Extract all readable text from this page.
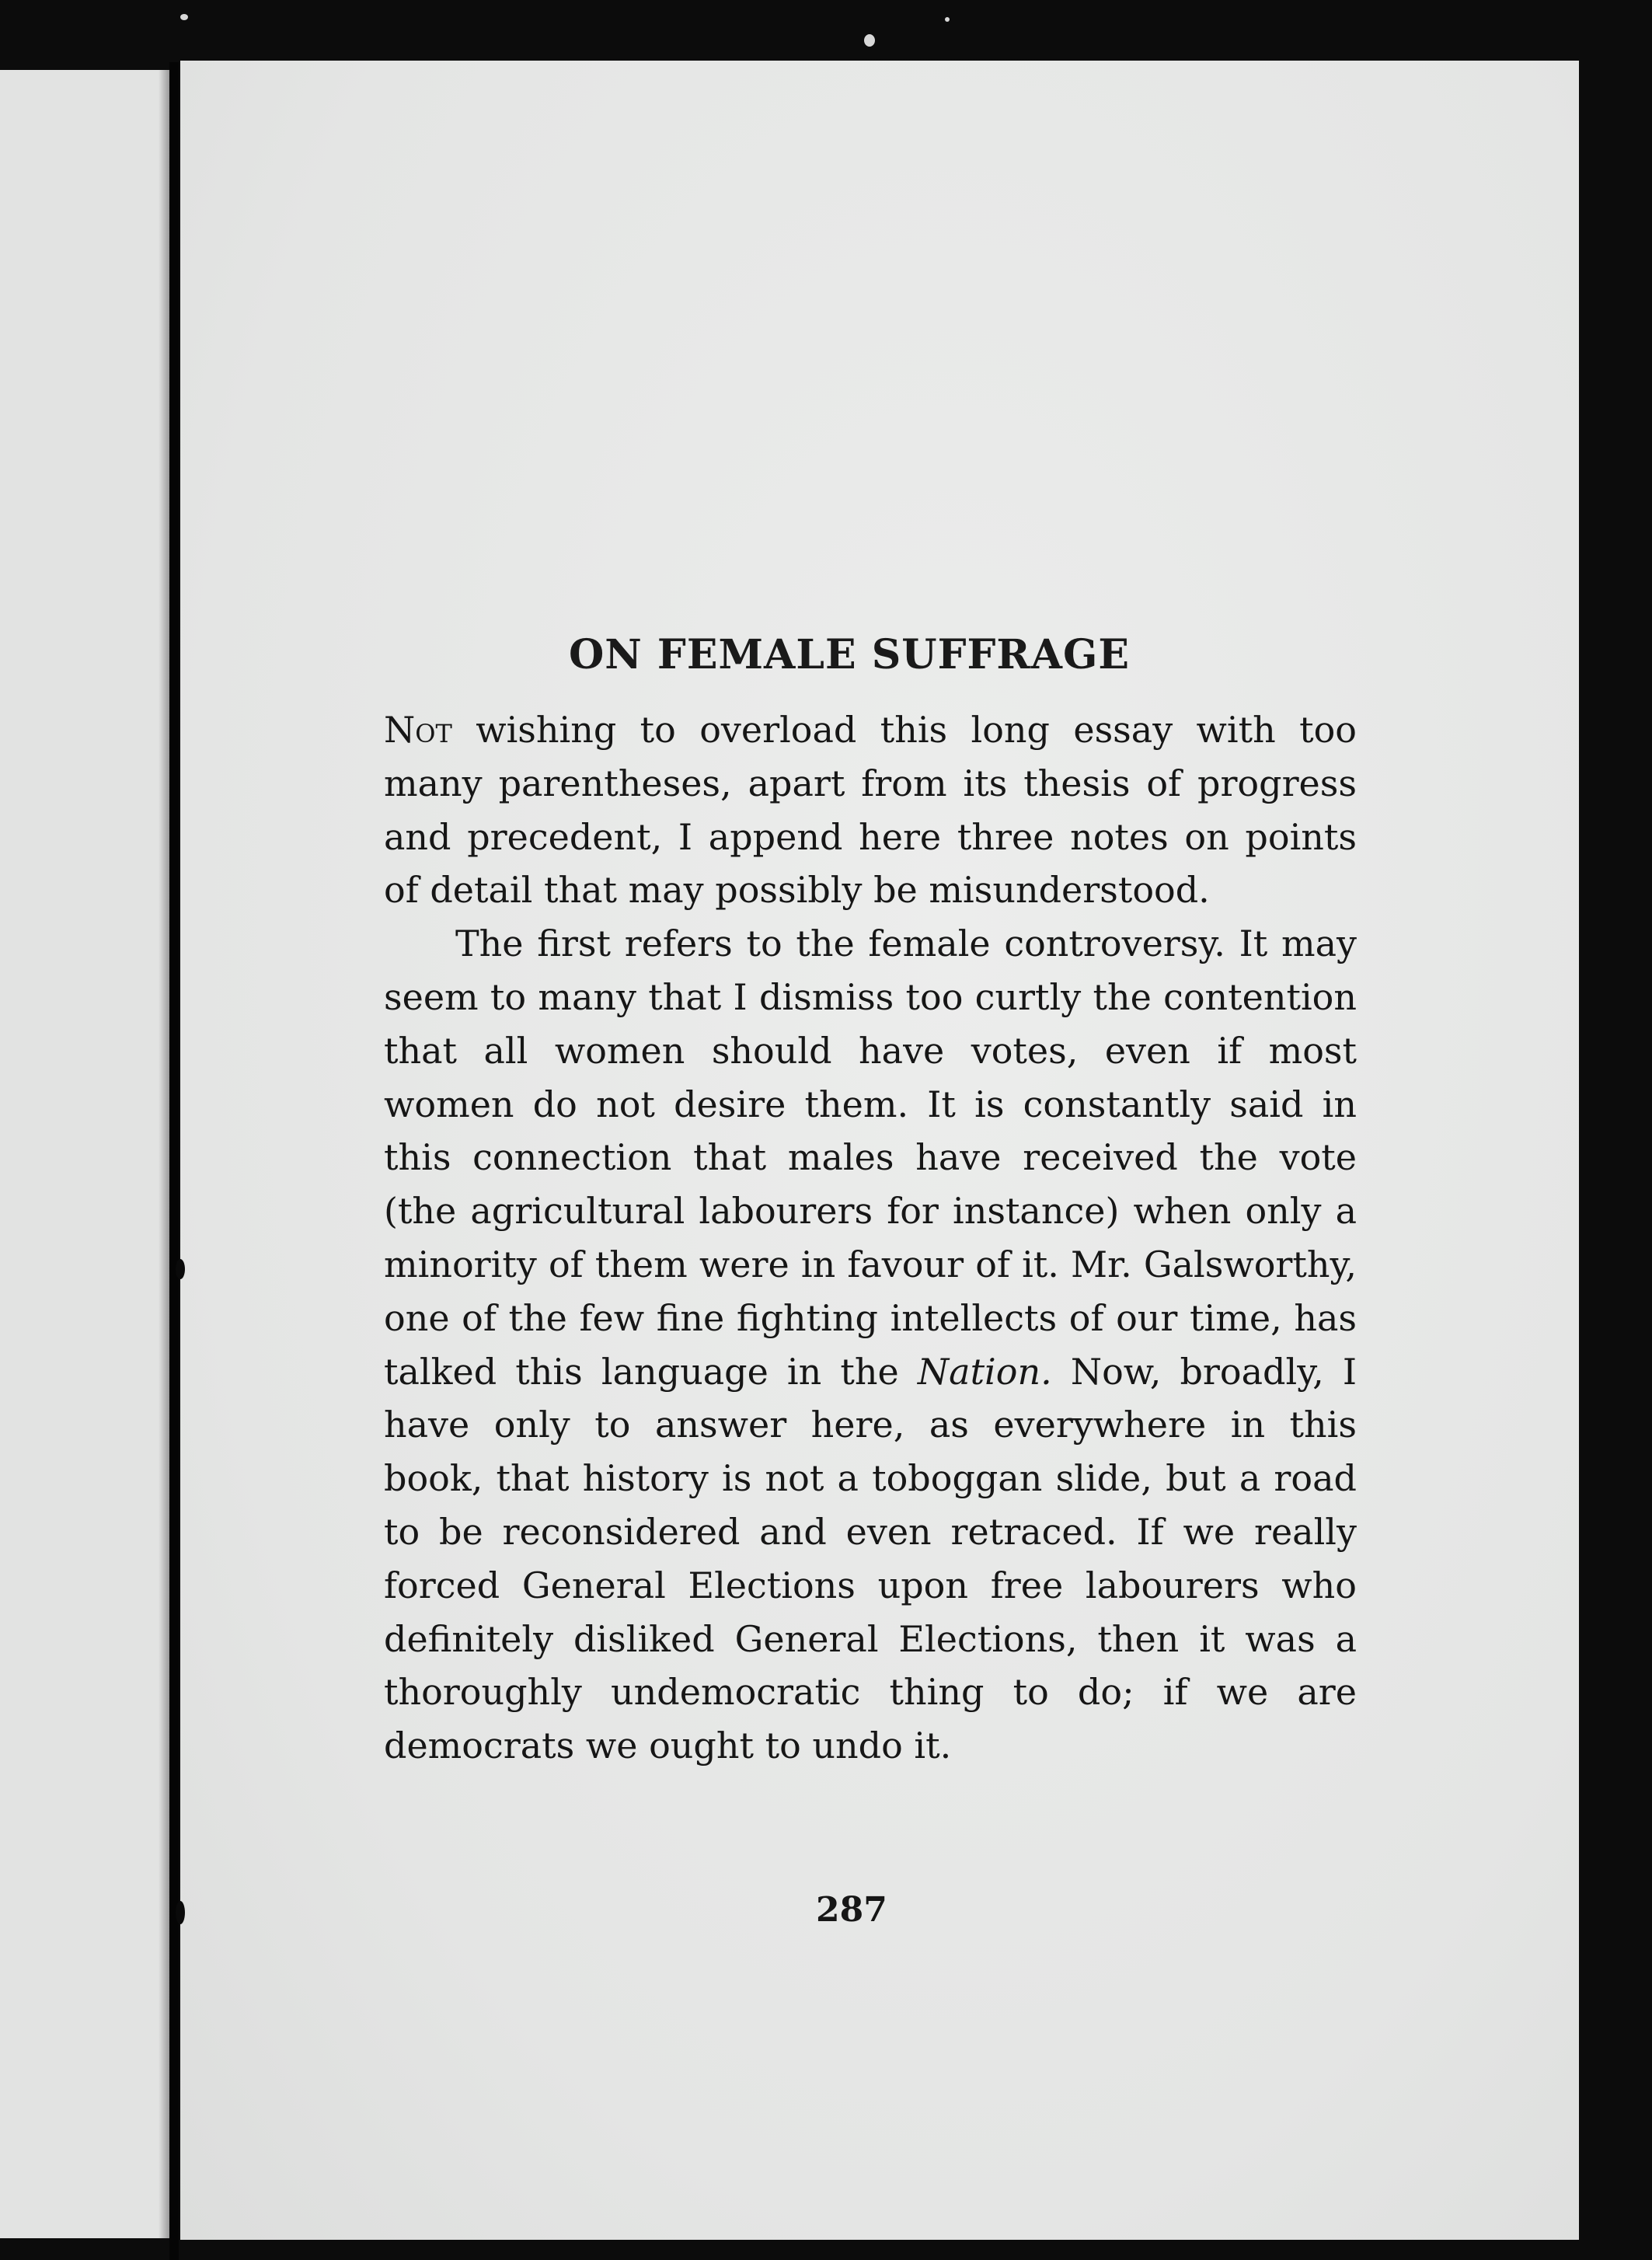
ON FEMALE SUFFRAGE

Not wishing to overload this long essay with too many parentheses, apart from its thesis of progress and precedent, I append here three notes on points of detail that may possibly be misunderstood.

The first refers to the female controversy. It may seem to many that I dismiss too curtly the contention that all women should have votes, even if most women do not desire them. It is constantly said in this connection that males have received the vote (the agricultural labourers for instance) when only a minority of them were in favour of it. Mr. Galsworthy, one of the few fine fighting intellects of our time, has talked this language in the Nation. Now, broadly, I have only to answer here, as everywhere in this book, that history is not a toboggan slide, but a road to be reconsidered and even retraced. If we really forced General Elections upon free labourers who definitely disliked General Elections, then it was a thoroughly undemocratic thing to do; if we are democrats we ought to undo it.

287
